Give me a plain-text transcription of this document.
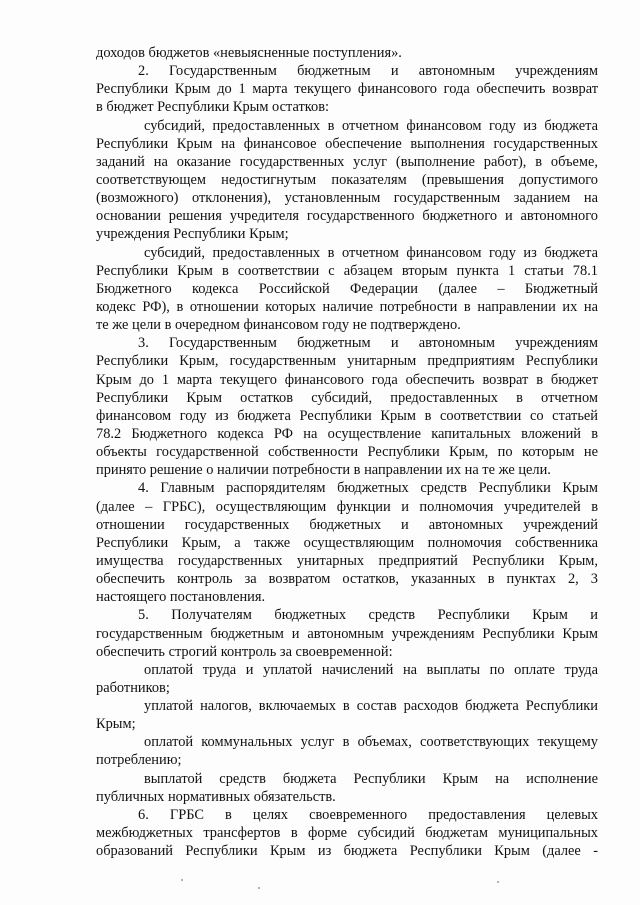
доходов бюджетов «невыясненные поступления».
2. Государственным бюджетным и автономным учреждениям
Республики Крым до 1 марта текущего финансового года обеспечить возврат
в бюджет Республики Крым остатков:
субсидий, предоставленных в отчетном финансовом году из бюджета
Республики Крым на финансовое обеспечение выполнения государственных
заданий на оказание государственных услуг (выполнение работ), в объеме,
соответствующем недостигнутым показателям (превышения допустимого
(возможного) отклонения), установленным государственным заданием на
основании решения учредителя государственного бюджетного и автономного
учреждения Республики Крым;
субсидий, предоставленных в отчетном финансовом году из бюджета
Республики Крым в соответствии с абзацем вторым пункта 1 статьи 78.1
Бюджетного кодекса Российской Федерации (далее – Бюджетный
кодекс РФ), в отношении которых наличие потребности в направлении их на
те же цели в очередном финансовом году не подтверждено.
3. Государственным бюджетным и автономным учреждениям
Республики Крым, государственным унитарным предприятиям Республики
Крым до 1 марта текущего финансового года обеспечить возврат в бюджет
Республики Крым остатков субсидий, предоставленных в отчетном
финансовом году из бюджета Республики Крым в соответствии со статьей
78.2 Бюджетного кодекса РФ на осуществление капитальных вложений в
объекты государственной собственности Республики Крым, по которым не
принято решение о наличии потребности в направлении их на те же цели.
4. Главным распорядителям бюджетных средств Республики Крым
(далее – ГРБС), осуществляющим функции и полномочия учредителей в
отношении государственных бюджетных и автономных учреждений
Республики Крым, а также осуществляющим полномочия собственника
имущества государственных унитарных предприятий Республики Крым,
обеспечить контроль за возвратом остатков, указанных в пунктах 2, 3
настоящего постановления.
5. Получателям бюджетных средств Республики Крым и
государственным бюджетным и автономным учреждениям Республики Крым
обеспечить строгий контроль за своевременной:
оплатой труда и уплатой начислений на выплаты по оплате труда
работников;
уплатой налогов, включаемых в состав расходов бюджета Республики
Крым;
оплатой коммунальных услуг в объемах, соответствующих текущему
потреблению;
выплатой средств бюджета Республики Крым на исполнение
публичных нормативных обязательств.
6. ГРБС в целях своевременного предоставления целевых
межбюджетных трансфертов в форме субсидий бюджетам муниципальных
образований Республики Крым из бюджета Республики Крым (далее -
